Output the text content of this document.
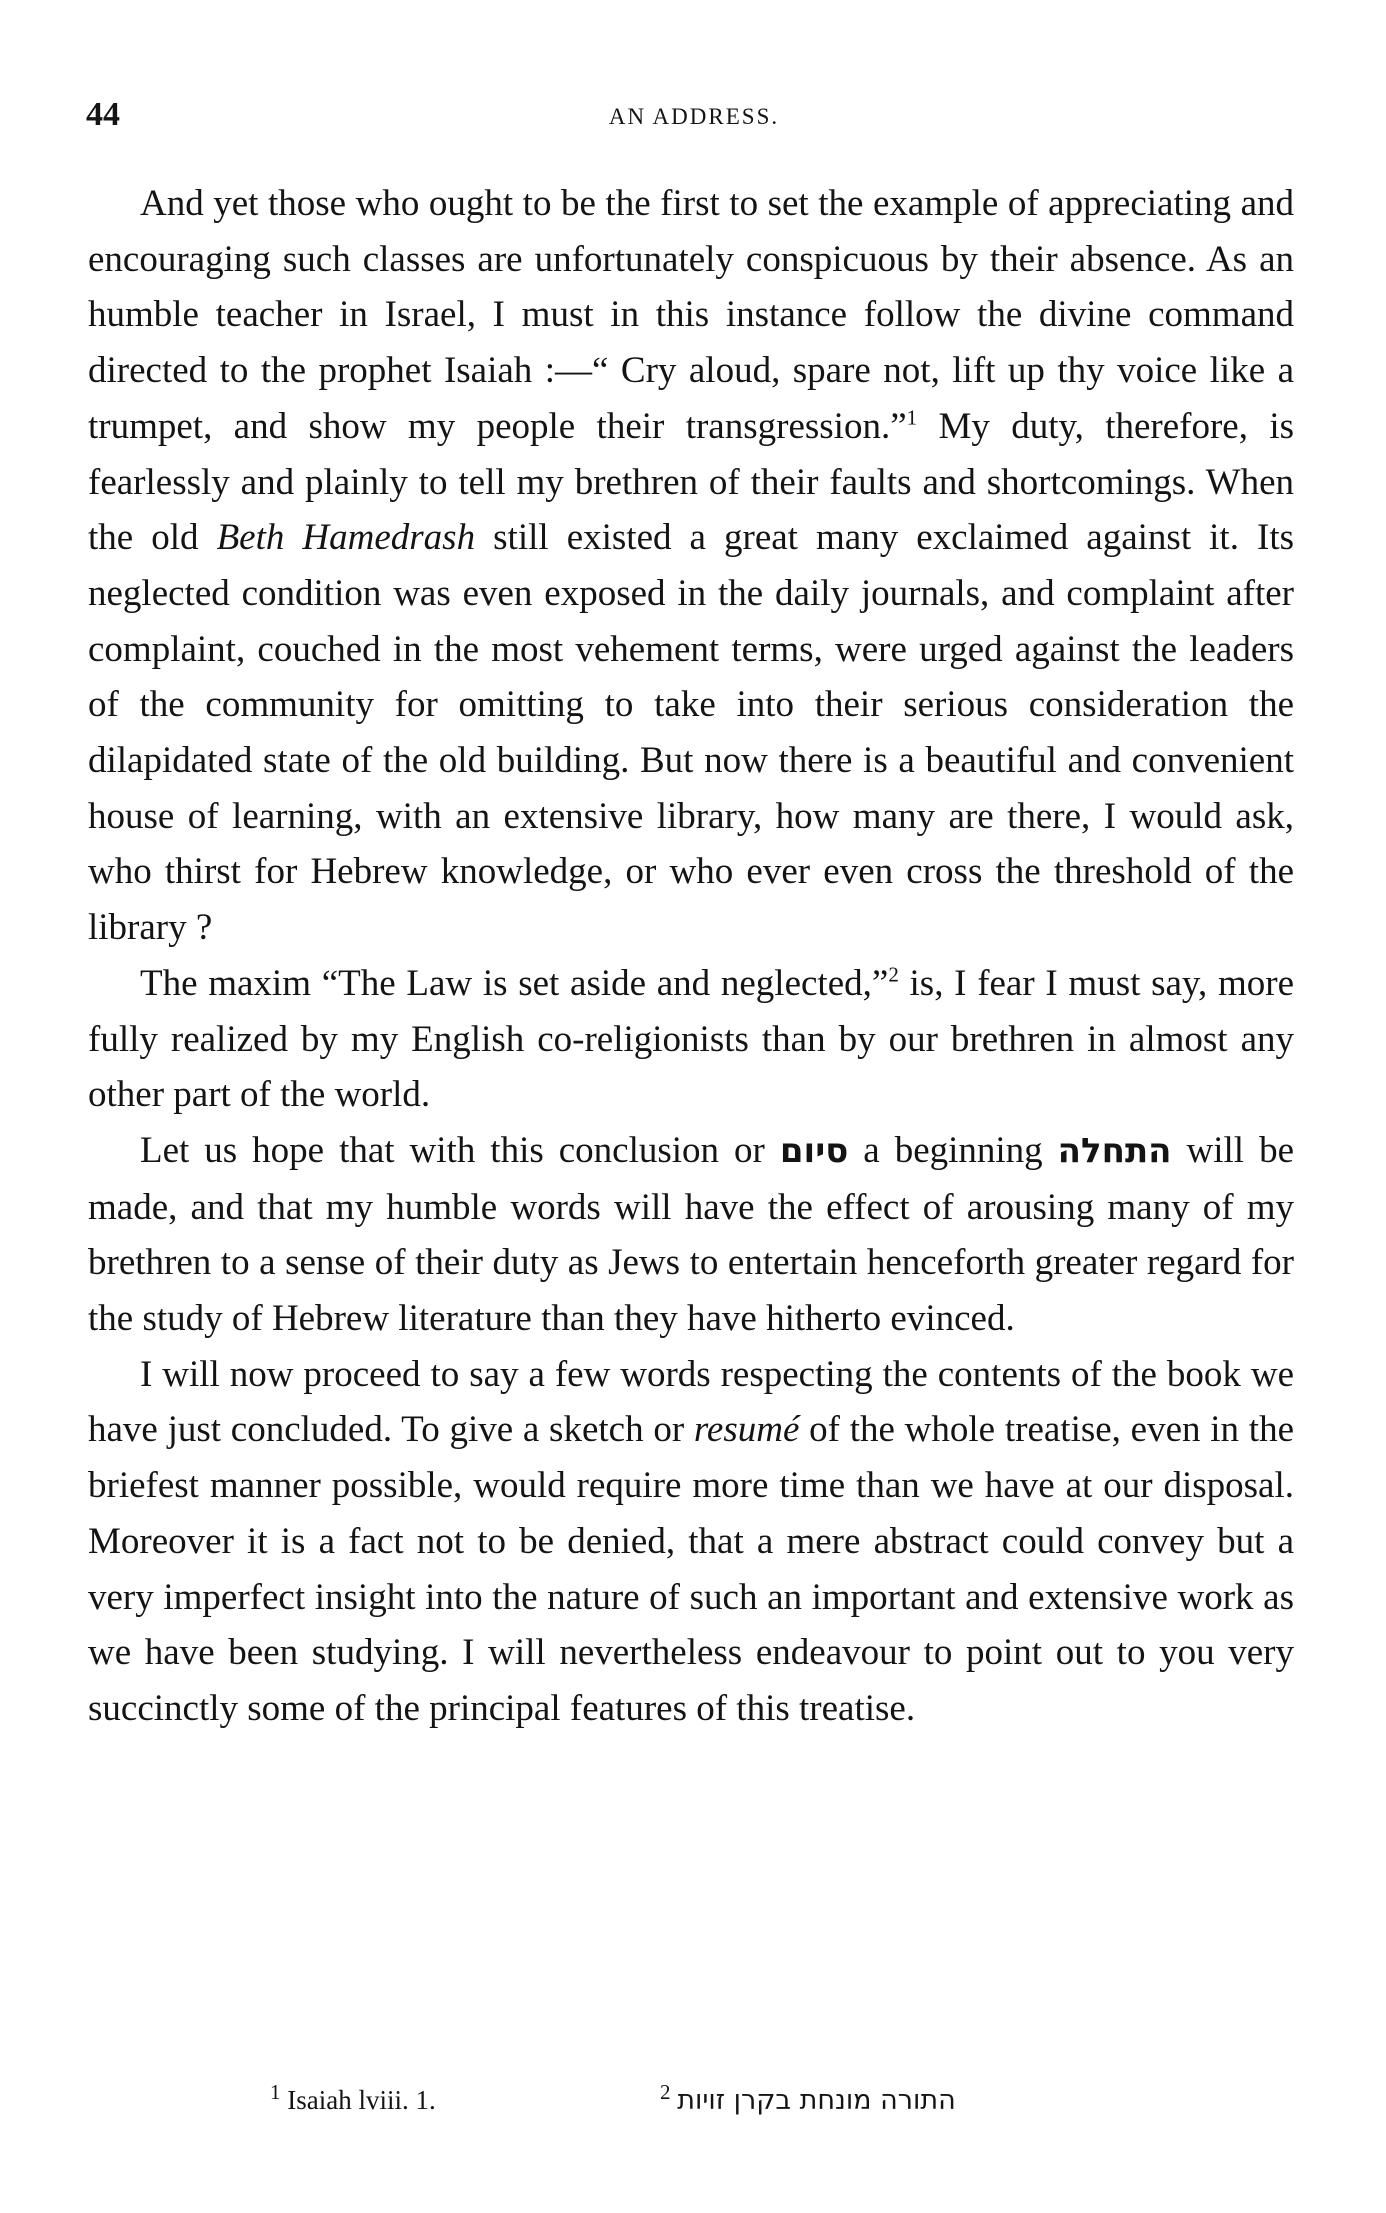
44	AN ADDRESS.

And yet those who ought to be the first to set the example of appreciating and encouraging such classes are unfortunately conspicuous by their absence. As an humble teacher in Israel, I must in this instance follow the divine command directed to the prophet Isaiah :—“ Cry aloud, spare not, lift up thy voice like a trumpet, and show my people their transgression.”$^1$ My duty, therefore, is fearlessly and plainly to tell my brethren of their faults and shortcomings. When the old Beth Hamedrash still existed a great many exclaimed against it. Its neglected condition was even exposed in the daily journals, and complaint after complaint, couched in the most vehement terms, were urged against the leaders of the community for omitting to take into their serious consideration the dilapidated state of the old building. But now there is a beautiful and convenient house of learning, with an extensive library, how many are there, I would ask, who thirst for Hebrew knowledge, or who ever even cross the threshold of the library ?

The maxim “The Law is set aside and neglected,”$^2$ is, I fear I must say, more fully realized by my English co-religionists than by our brethren in almost any other part of the world.

Let us hope that with this conclusion or סיום a beginning התחלה will be made, and that my humble words will have the effect of arousing many of my brethren to a sense of their duty as Jews to entertain henceforth greater regard for the study of Hebrew literature than they have hitherto evinced.

I will now proceed to say a few words respecting the contents of the book we have just concluded. To give a sketch or resumé of the whole treatise, even in the briefest manner possible, would require more time than we have at our disposal. Moreover it is a fact not to be denied, that a mere abstract could convey but a very imperfect insight into the nature of such an important and extensive work as we have been studying. I will nevertheless endeavour to point out to you very succinctly some of the principal features of this treatise.

$^1$ Isaiah lviii. 1.	$^2$ התורה מונחת בקרן זויות
